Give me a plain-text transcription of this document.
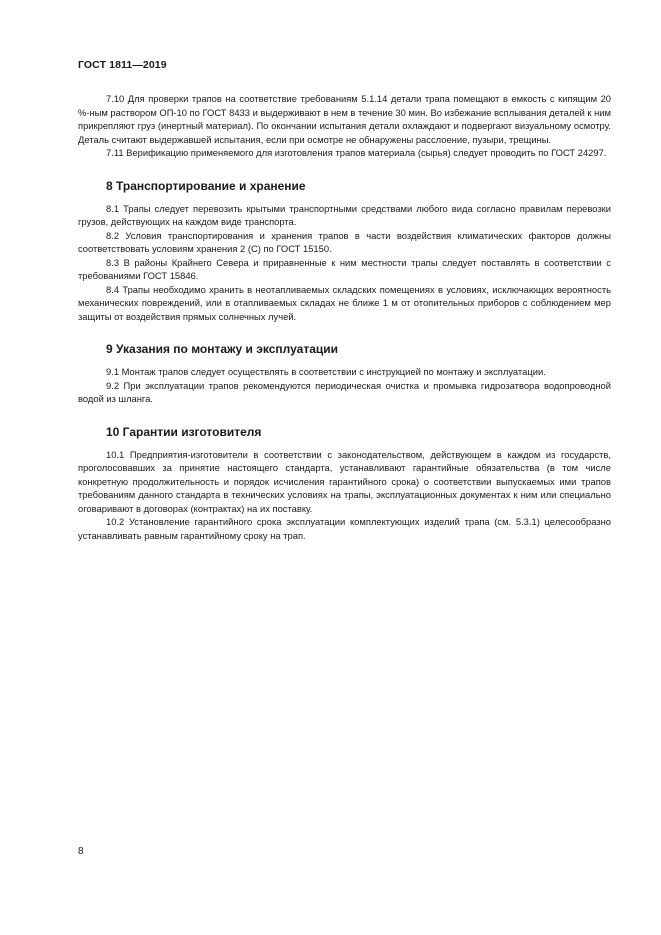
ГОСТ 1811—2019

7.10 Для проверки трапов на соответствие требованиям 5.1.14 детали трапа помещают в емкость с кипящим 20 %-ным раствором ОП-10 по ГОСТ 8433 и выдерживают в нем в течение 30 мин. Во избежание всплывания деталей к ним прикрепляют груз (инертный материал). По окончании испытания детали охлаждают и подвергают визуальному осмотру. Деталь считают выдержавшей испытания, если при осмотре не обнаружены расслоение, пузыри, трещины.

7.11 Верификацию применяемого для изготовления трапов материала (сырья) следует проводить по ГОСТ 24297.

8 Транспортирование и хранение

8.1 Трапы следует перевозить крытыми транспортными средствами любого вида согласно правилам перевозки грузов, действующих на каждом виде транспорта.

8.2 Условия транспортирования и хранения трапов в части воздействия климатических факторов должны соответствовать условиям хранения 2 (С) по ГОСТ 15150.

8.3 В районы Крайнего Севера и приравненные к ним местности трапы следует поставлять в соответствии с требованиями ГОСТ 15846.

8.4 Трапы необходимо хранить в неотапливаемых складских помещениях в условиях, исключающих вероятность механических повреждений, или в отапливаемых складах не ближе 1 м от отопительных приборов с соблюдением мер защиты от воздействия прямых солнечных лучей.

9 Указания по монтажу и эксплуатации

9.1 Монтаж трапов следует осуществлять в соответствии с инструкцией по монтажу и эксплуатации.

9.2 При эксплуатации трапов рекомендуются периодическая очистка и промывка гидрозатвора водопроводной водой из шланга.

10 Гарантии изготовителя

10.1 Предприятия-изготовители в соответствии с законодательством, действующем в каждом из государств, проголосовавших за принятие настоящего стандарта, устанавливают гарантийные обязательства (в том числе конкретную продолжительность и порядок исчисления гарантийного срока) о соответствии выпускаемых ими трапов требованиям данного стандарта в технических условиях на трапы, эксплуатационных документах к ним или специально оговаривают в договорах (контрактах) на их поставку.

10.2 Установление гарантийного срока эксплуатации комплектующих изделий трапа (см. 5.3.1) целесообразно устанавливать равным гарантийному сроку на трап.

8
